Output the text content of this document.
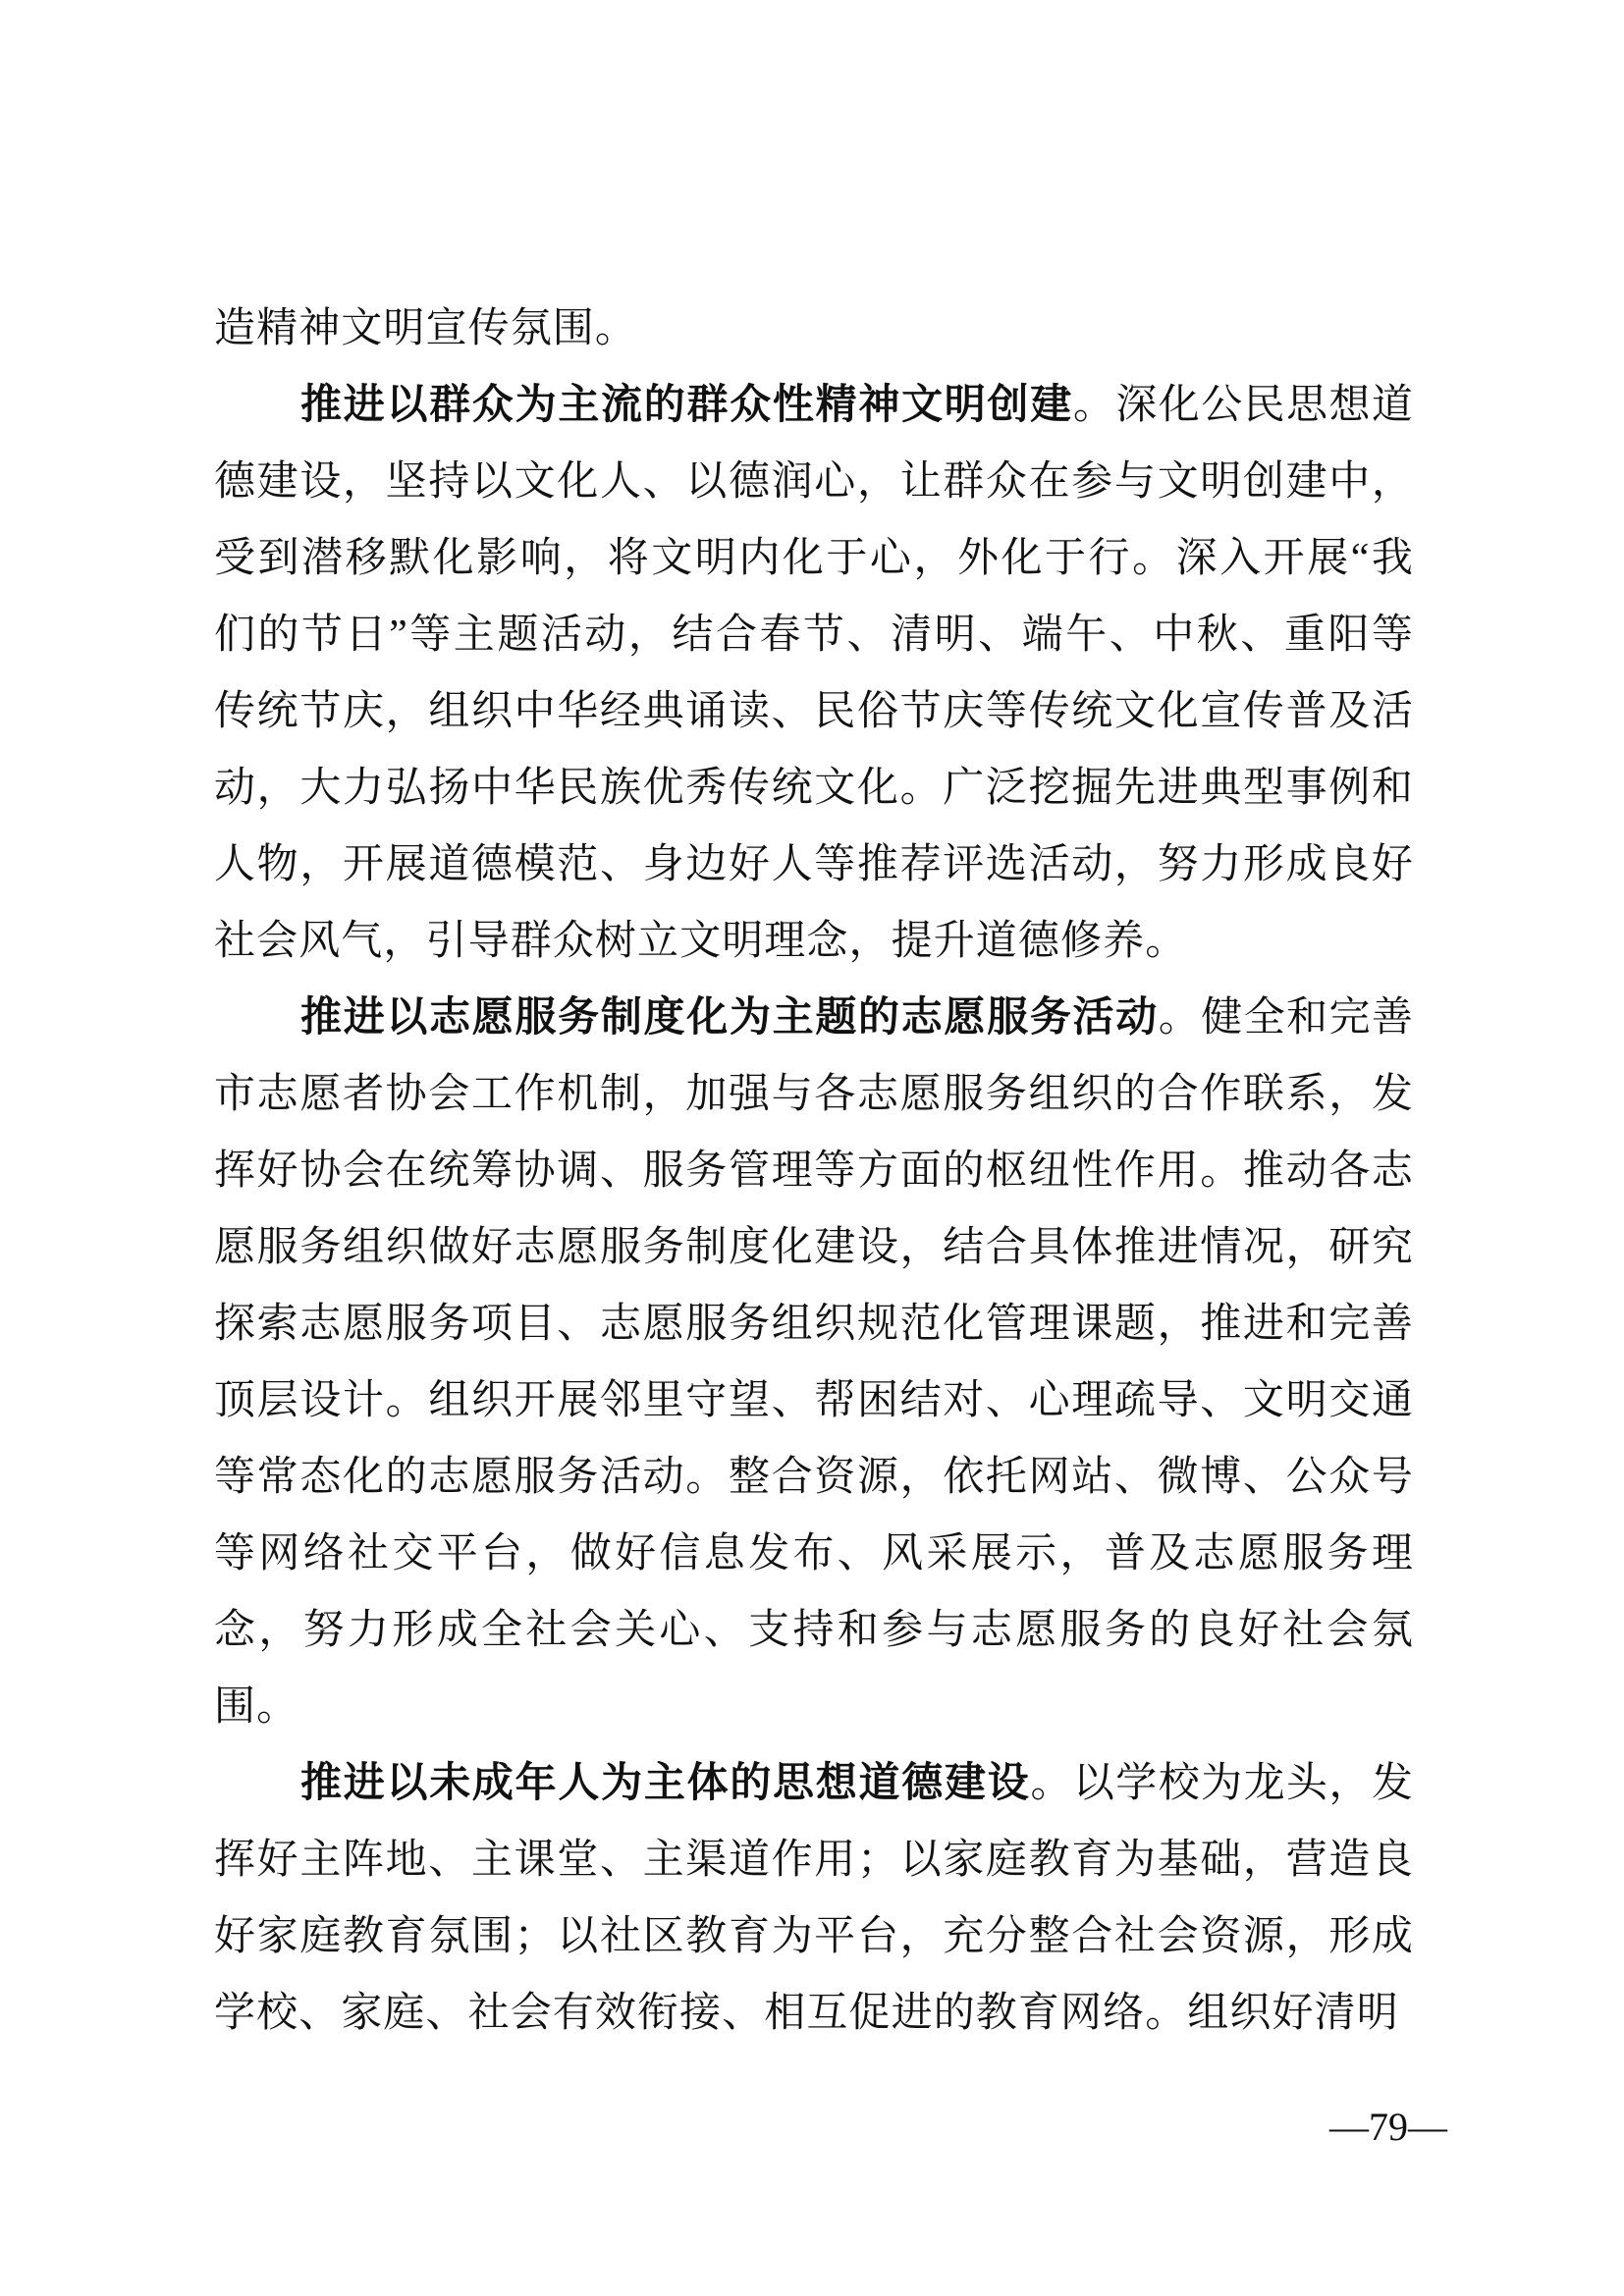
造精神文明宣传氛围。

推进以群众为主流的群众性精神文明创建。深化公民思想道德建设，坚持以文化人、以德润心，让群众在参与文明创建中，受到潜移默化影响，将文明内化于心，外化于行。深入开展“我们的节日”等主题活动，结合春节、清明、端午、中秋、重阳等传统节庆，组织中华经典诵读、民俗节庆等传统文化宣传普及活动，大力弘扬中华民族优秀传统文化。广泛挖掘先进典型事例和人物，开展道德模范、身边好人等推荐评选活动，努力形成良好社会风气，引导群众树立文明理念，提升道德修养。

推进以志愿服务制度化为主题的志愿服务活动。健全和完善市志愿者协会工作机制，加强与各志愿服务组织的合作联系，发挥好协会在统筹协调、服务管理等方面的枢纽性作用。推动各志愿服务组织做好志愿服务制度化建设，结合具体推进情况，研究探索志愿服务项目、志愿服务组织规范化管理课题，推进和完善顶层设计。组织开展邻里守望、帮困结对、心理疏导、文明交通等常态化的志愿服务活动。整合资源，依托网站、微博、公众号等网络社交平台，做好信息发布、风采展示，普及志愿服务理念，努力形成全社会关心、支持和参与志愿服务的良好社会氛围。

推进以未成年人为主体的思想道德建设。以学校为龙头，发挥好主阵地、主课堂、主渠道作用；以家庭教育为基础，营造良好家庭教育氛围；以社区教育为平台，充分整合社会资源，形成学校、家庭、社会有效衔接、相互促进的教育网络。组织好清明

—79—
